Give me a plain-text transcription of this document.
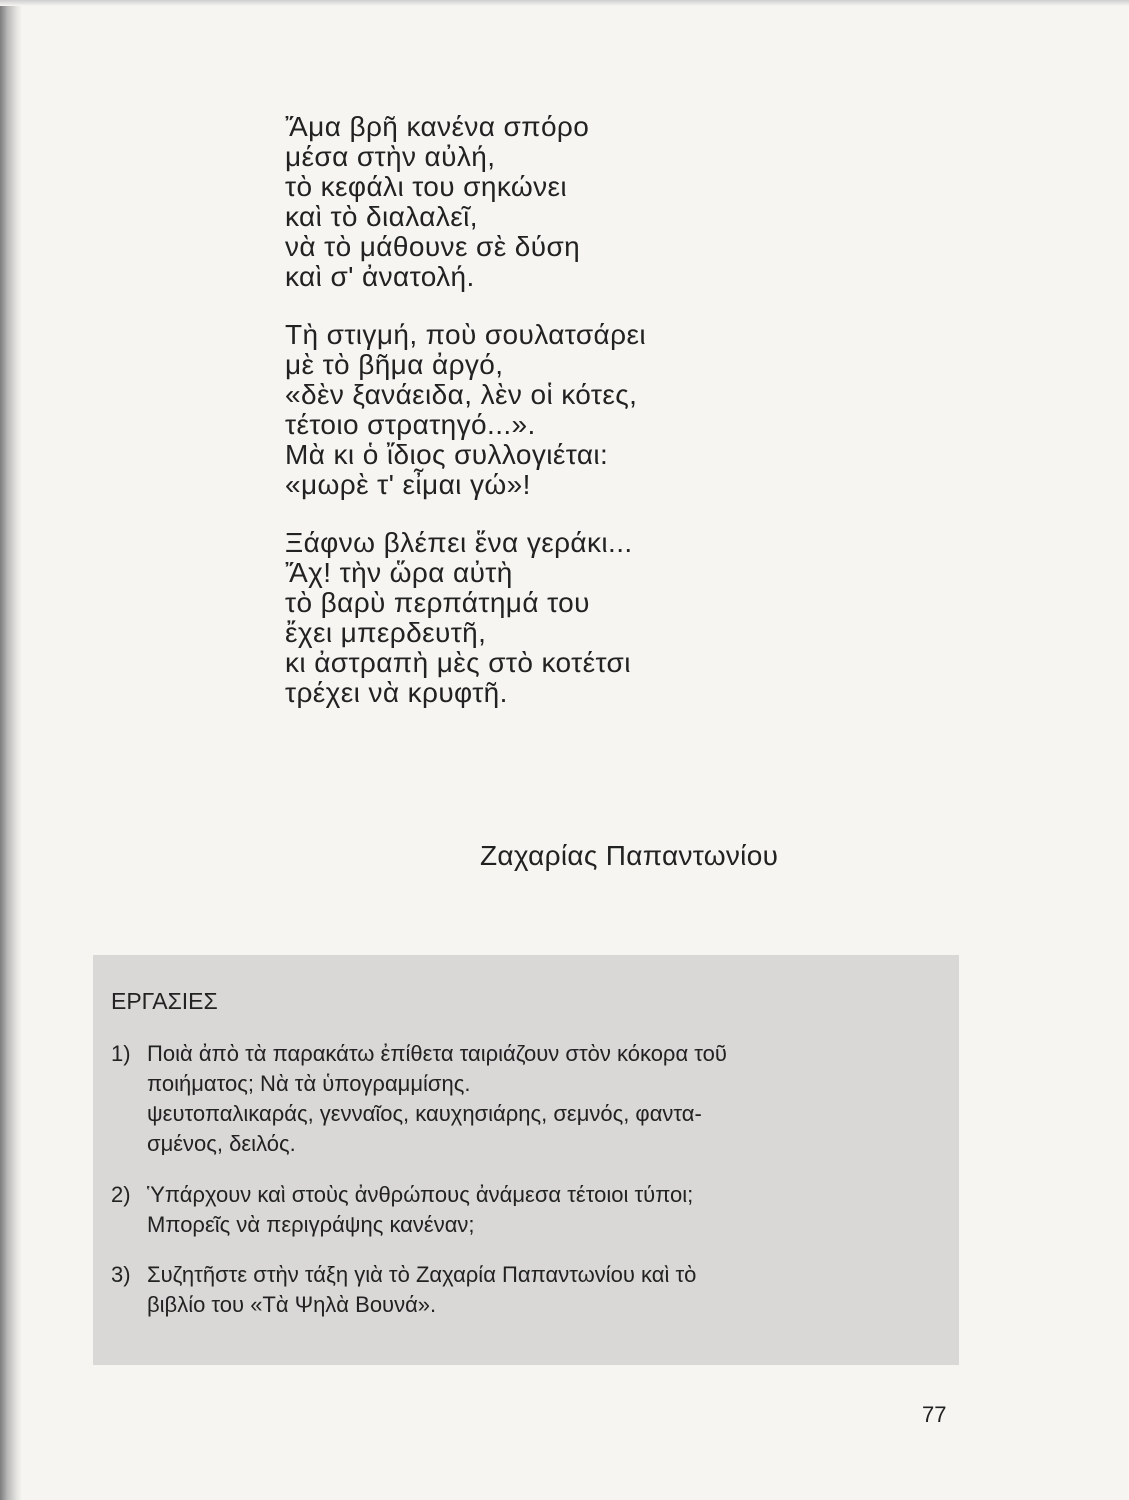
Ἄμα βρῆ κανένα σπόρο
μέσα στὴν αὐλή,
τὸ κεφάλι του σηκώνει
καὶ τὸ διαλαλεῖ,
νὰ τὸ μάθουνε σὲ δύση
καὶ σ' ἀνατολή.
Τὴ στιγμή, ποὺ σουλατσάρει
μὲ τὸ βῆμα ἀργό,
«δὲν ξανάειδα, λὲν οἱ κότες,
τέτοιο στρατηγό...».
Μὰ κι ὁ ἴδιος συλλογιέται:
«μωρὲ τ' εἶμαι γώ»!
Ξάφνω βλέπει ἕνα γεράκι...
Ἄχ! τὴν ὥρα αὐτὴ
τὸ βαρὺ περπάτημά του
ἔχει μπερδευτῆ,
κι ἀστραπὴ μὲς στὸ κοτέτσι
τρέχει νὰ κρυφτῆ.
Ζαχαρίας Παπαντωνίου
ΕΡΓΑΣΙΕΣ
1) Ποιὰ ἀπὸ τὰ παρακάτω ἐπίθετα ταιριάζουν στὸν κόκορα τοῦ
ποιήματος; Νὰ τὰ ὑπογραμμίσης.
ψευτοπαλικαράς, γενναῖος, καυχησιάρης, σεμνός, φαντα-
σμένος, δειλός.
2) Ὑπάρχουν καὶ στοὺς ἀνθρώπους ἀνάμεσα τέτοιοι τύποι;
Μπορεῖς νὰ περιγράψης κανέναν;
3) Συζητῆστε στὴν τάξη γιὰ τὸ Ζαχαρία Παπαντωνίου καὶ τὸ
βιβλίο του «Τὰ Ψηλὰ Βουνά».
77
